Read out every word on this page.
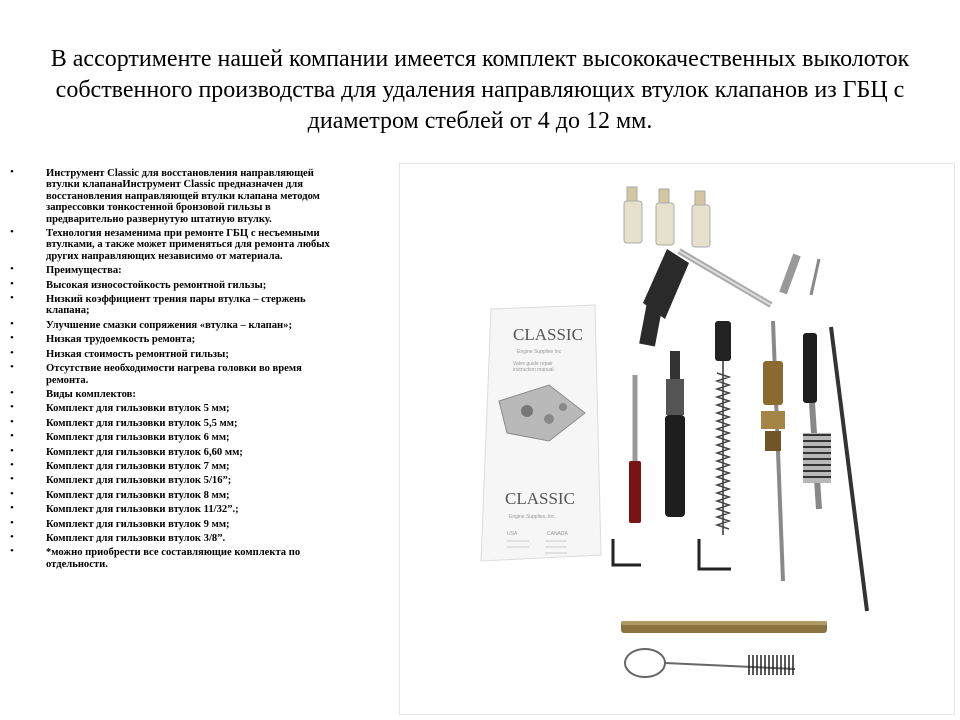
В ассортименте нашей компании имеется комплект высококачественных выколоток собственного производства для удаления направляющих втулок клапанов из ГБЦ с диаметром стеблей от 4 до 12 мм.
• Инструмент Classic для восстановления направляющей втулки клапанаИнструмент Classic предназначен для восстановления направляющей втулки клапана методом запрессовки тонкостенной бронзовой гильзы в предварительно развернутую штатную втулку.
• Технология незаменима при ремонте ГБЦ с несъемными втулками, а также может применяться для ремонта любых других направляющих независимо от материала.
• Преимущества:
• Высокая износостойкость ремонтной гильзы;
• Низкий коэффициент трения пары втулка – стержень клапана;
• Улучшение смазки сопряжения «втулка – клапан»;
• Низкая трудоемкость ремонта;
• Низкая стоимость ремонтной гильзы;
• Отсутствие необходимости нагрева головки во время ремонта.
• Виды комплектов:
• Комплект для гильзовки втулок 5 мм;
• Комплект для гильзовки втулок 5,5 мм;
• Комплект для гильзовки втулок 6 мм;
• Комплект для гильзовки втулок 6,60 мм;
• Комплект для гильзовки втулок 7 мм;
• Комплект для гильзовки втулок 5/16”;
• Комплект для гильзовки втулок 8 мм;
• Комплект для гильзовки втулок 11/32”.;
• Комплект для гильзовки втулок 9 мм;
• Комплект для гильзовки втулок 3/8”.
• *можно приобрести все составляющие комплекта по отдельности.
CLASSIC
Engine Supplies Inc
Valve guide repair
instruction manual
CLASSIC
Engine Supplies, Inc.
USA	CANADA
